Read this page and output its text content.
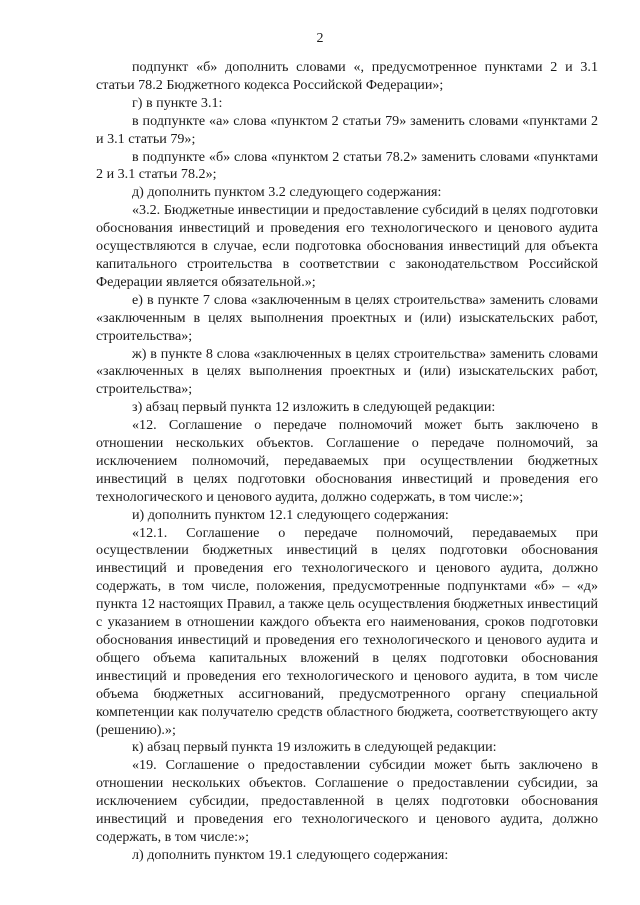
2

подпункт «б» дополнить словами «, предусмотренное пунктами 2 и 3.1 статьи 78.2 Бюджетного кодекса Российской Федерации»;

г) в пункте 3.1:

в подпункте «а» слова «пунктом 2 статьи 79» заменить словами «пунктами 2 и 3.1 статьи 79»;

в подпункте «б» слова «пунктом 2 статьи 78.2» заменить словами «пунктами 2 и 3.1 статьи 78.2»;

д) дополнить пунктом 3.2 следующего содержания:

«3.2. Бюджетные инвестиции и предоставление субсидий в целях подготовки обоснования инвестиций и проведения его технологического и ценового аудита осуществляются в случае, если подготовка обоснования инвестиций для объекта капитального строительства в соответствии с законодательством Российской Федерации является обязательной.»;

е) в пункте 7 слова «заключенным в целях строительства» заменить словами «заключенным в целях выполнения проектных и (или) изыскательских работ, строительства»;

ж) в пункте 8 слова «заключенных в целях строительства» заменить словами «заключенных в целях выполнения проектных и (или) изыскательских работ, строительства»;

з) абзац первый пункта 12 изложить в следующей редакции:

«12. Соглашение о передаче полномочий может быть заключено в отношении нескольких объектов. Соглашение о передаче полномочий, за исключением полномочий, передаваемых при осуществлении бюджетных инвестиций в целях подготовки обоснования инвестиций и проведения его технологического и ценового аудита, должно содержать, в том числе:»;

и) дополнить пунктом 12.1 следующего содержания:

«12.1. Соглашение о передаче полномочий, передаваемых при осуществлении бюджетных инвестиций в целях подготовки обоснования инвестиций и проведения его технологического и ценового аудита, должно содержать, в том числе, положения, предусмотренные подпунктами «б» – «д» пункта 12 настоящих Правил, а также цель осуществления бюджетных инвестиций с указанием в отношении каждого объекта его наименования, сроков подготовки обоснования инвестиций и проведения его технологического и ценового аудита и общего объема капитальных вложений в целях подготовки обоснования инвестиций и проведения его технологического и ценового аудита, в том числе объема бюджетных ассигнований, предусмотренного органу специальной компетенции как получателю средств областного бюджета, соответствующего акту (решению).»;

к) абзац первый пункта 19 изложить в следующей редакции:

«19. Соглашение о предоставлении субсидии может быть заключено в отношении нескольких объектов. Соглашение о предоставлении субсидии, за исключением субсидии, предоставленной в целях подготовки обоснования инвестиций и проведения его технологического и ценового аудита, должно содержать, в том числе:»;

л) дополнить пунктом 19.1 следующего содержания:
